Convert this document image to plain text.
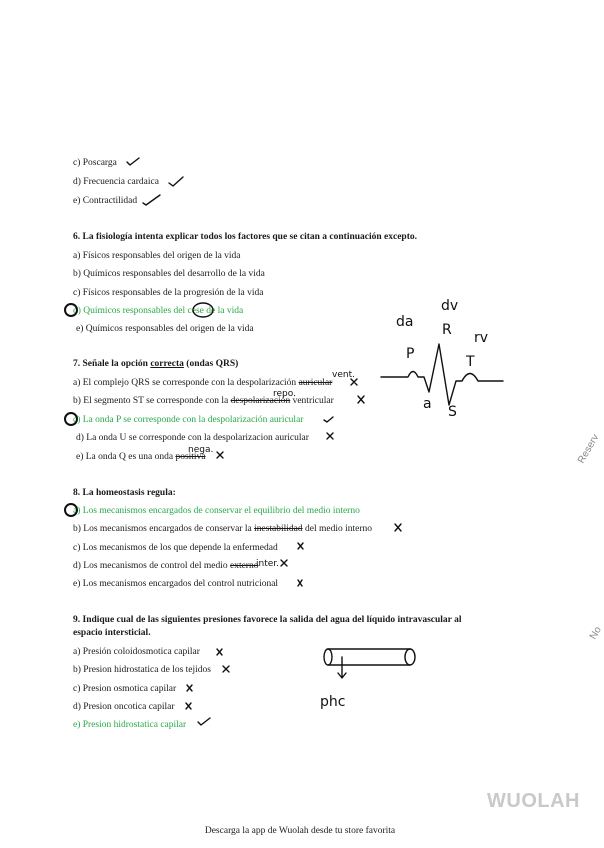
c) Poscarga
d) Frecuencia cardaica
e) Contractilidad
6. La fisiología intenta explicar todos los factores que se citan a continuación excepto.
a) Físicos responsables del origen de la vida
b) Químicos responsables del desarrollo de la vida
c) Físicos responsables de la progresión de la vida
d) Químicos responsables del cese de la vida
e) Químicos responsables del origen de la vida
7. Señale la opción correcta (ondas QRS)
a) El complejo QRS se corresponde con la despolarización auricular
b) El segmento ST se corresponde con la despolarización ventricular
c) La onda P se corresponde con la despolarización auricular
d) La onda U se corresponde con la despolarizacion auricular
e) La onda Q es una onda positiva
8. La homeostasis regula:
a) Los mecanismos encargados de conservar el equilibrio del medio interno
b) Los mecanismos encargados de conservar la inestabilidad del medio interno
c) Los mecanismos de los que depende la enfermedad
d) Los mecanismos de control del medio externo
e) Los mecanismos encargados del control nutricional
9. Indique cual de las siguientes presiones favorece la salida del agua del líquido intravascular al
espacio intersticial.
a) Presión coloidosmotica capilar
b) Presion hidrostatica de los tejidos
c) Presion osmotica capilar
d) Presion oncotica capilar
e) Presion hidrostatica capilar
vent.
repo.
nega.
da
dv
R rv
P	T
a S
inter.
phc
Reserv
No
WUOLAH
Descarga la app de Wuolah desde tu store favorita
